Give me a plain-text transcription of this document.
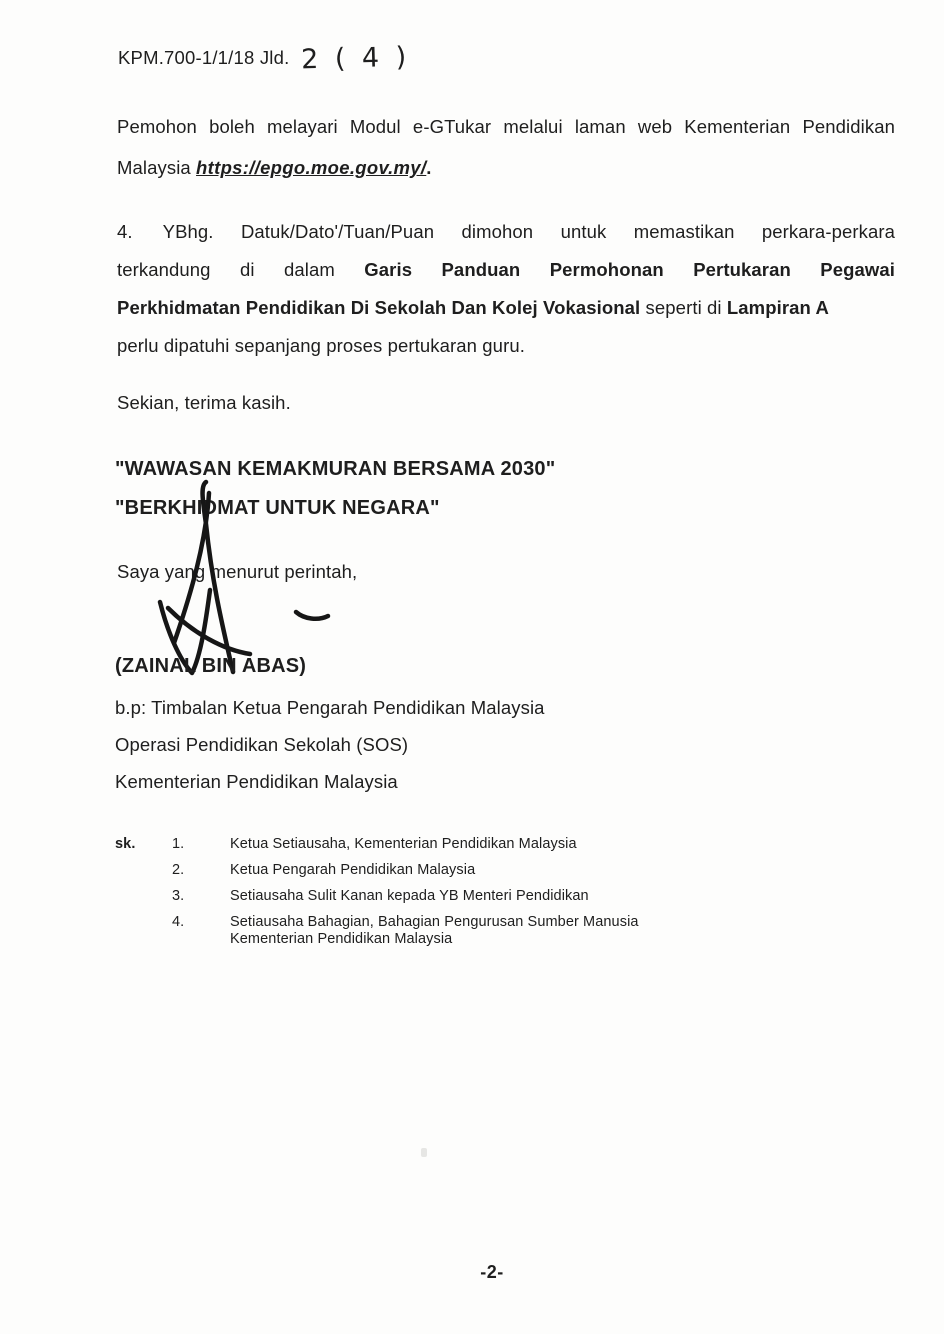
KPM.700-1/1/18 Jld. 2 ( 4 )
Pemohon boleh melayari Modul e-GTukar melalui laman web Kementerian Pendidikan
Malaysia https://epgo.moe.gov.my/.
4. YBhg. Datuk/Dato'/Tuan/Puan dimohon untuk memastikan perkara-perkara
terkandung di dalam Garis Panduan Permohonan Pertukaran Pegawai
Perkhidmatan Pendidikan Di Sekolah Dan Kolej Vokasional seperti di Lampiran A
perlu dipatuhi sepanjang proses pertukaran guru.
Sekian, terima kasih.
"WAWASAN KEMAKMURAN BERSAMA 2030"
"BERKHIDMAT UNTUK NEGARA"
Saya yang menurut perintah,
(ZAINAL BIN ABAS)
b.p: Timbalan Ketua Pengarah Pendidikan Malaysia
Operasi Pendidikan Sekolah (SOS)
Kementerian Pendidikan Malaysia
sk.	1.	Ketua Setiausaha, Kementerian Pendidikan Malaysia
2.	Ketua Pengarah Pendidikan Malaysia
3.	Setiausaha Sulit Kanan kepada YB Menteri Pendidikan
4.	Setiausaha Bahagian, Bahagian Pengurusan Sumber Manusia
Kementerian Pendidikan Malaysia
-2-
